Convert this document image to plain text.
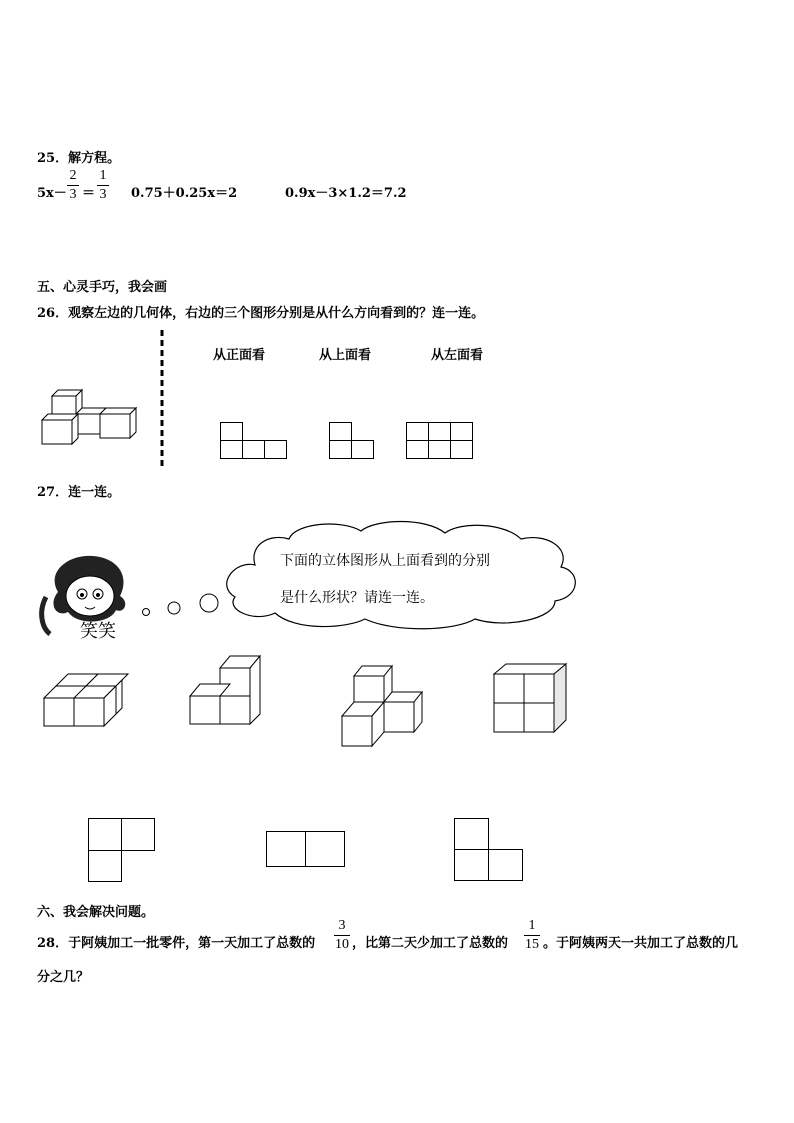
25．解方程。
5x－
2
3 ＝
1
3 0.75＋0.25x＝2	0.9x－3×1.2＝7.2
五、心灵手巧，我会画
26．观察左边的几何体，右边的三个图形分别是从什么方向看到的？连一连。
从正面看	从上面看	从左面看
27．连一连。
笑笑
下面的立体图形从上面看到的分别
是什么形状？请连一连。
六、我会解决问题。
28．于阿姨加工一批零件，第一天加工了总数的
3
10 ，比第二天少加工了总数的
1
15 。于阿姨两天一共加工了总数的几
分之几？
